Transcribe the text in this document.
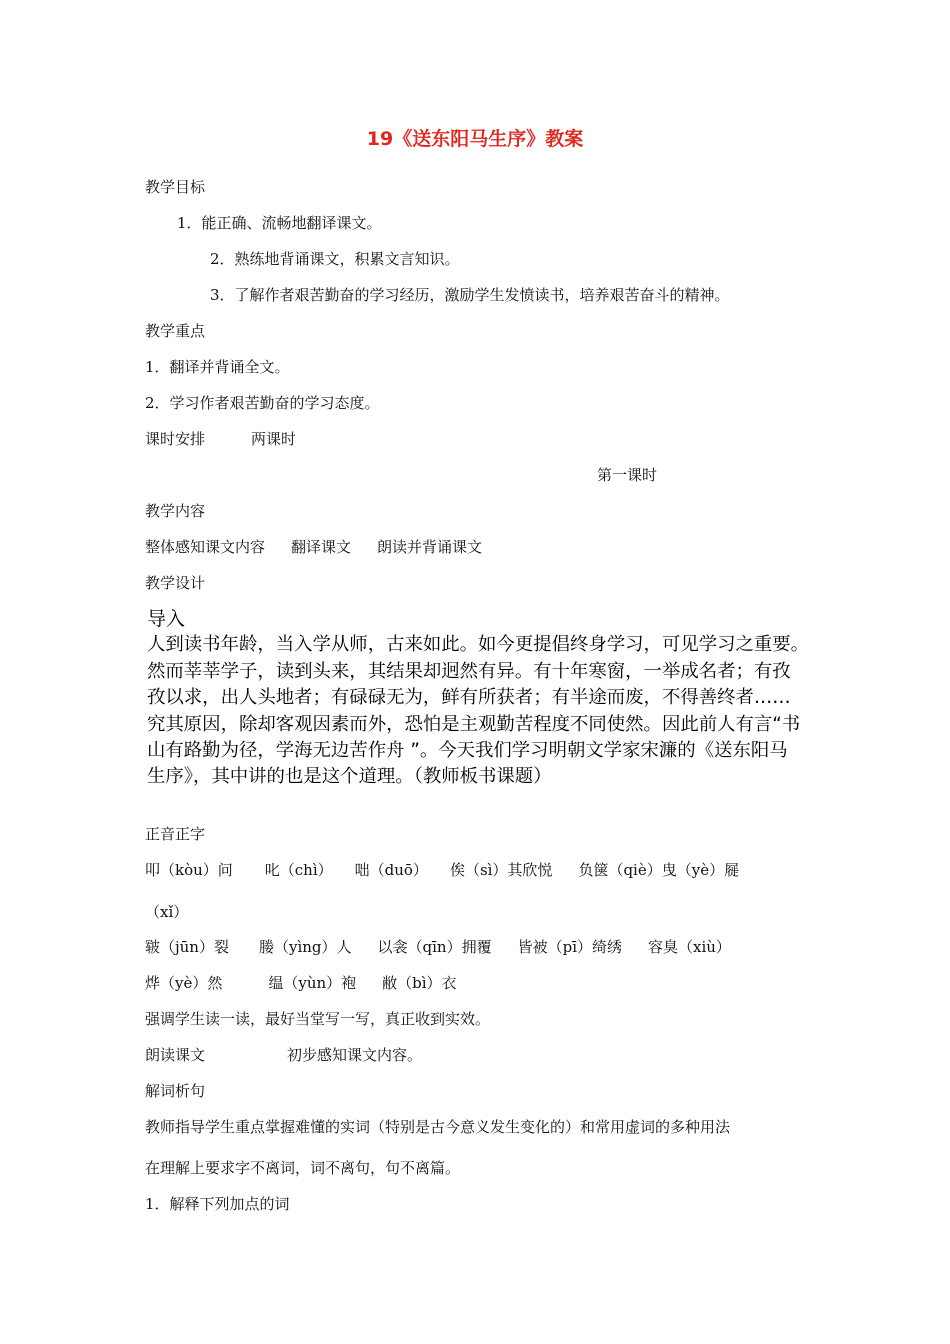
19《送东阳马生序》教案
教学目标
1．能正确、流畅地翻译课文。
2．熟练地背诵课文，积累文言知识。
3．了解作者艰苦勤奋的学习经历，激励学生发愤读书，培养艰苦奋斗的精神。
教学重点
1．翻译并背诵全文。
2．学习作者艰苦勤奋的学习态度。
课时安排	两课时
第一课时
教学内容
整体感知课文内容 翻译课文 朗读并背诵课文
教学设计

导入

人到读书年龄，当入学从师，古来如此。如今更提倡终身学习，可见学习之重要。

然而莘莘学子，读到头来，其结果却迥然有异。有十年寒窗，一举成名者；有孜

孜以求，出人头地者；有碌碌无为，鲜有所获者；有半途而废，不得善终者……

究其原因，除却客观因素而外，恐怕是主观勤苦程度不同使然。因此前人有言“书

山有路勤为径，学海无边苦作舟 ”。今天我们学习明朝文学家宋濂的《送东阳马

生序》，其中讲的也是这个道理。（教师板书课题）

正音正字
叩（kòu）问 叱（chì） 咄（duō） 俟（sì）其欣悦 负箧（qiè）曳（yè）屣
（xǐ）
皲（jūn）裂 媵（yìng）人 以衾（qīn）拥覆 皆被（pī）绮绣 容臭（xiù）
烨（yè）然	缊（yùn）袍 敝（bì）衣
强调学生读一读，最好当堂写一写，真正收到实效。
朗读课文	初步感知课文内容。
解词析句
教师指导学生重点掌握难懂的实词（特别是古今意义发生变化的）和常用虚词的多种用法
在理解上要求字不离词，词不离句，句不离篇。
1．解释下列加点的词
